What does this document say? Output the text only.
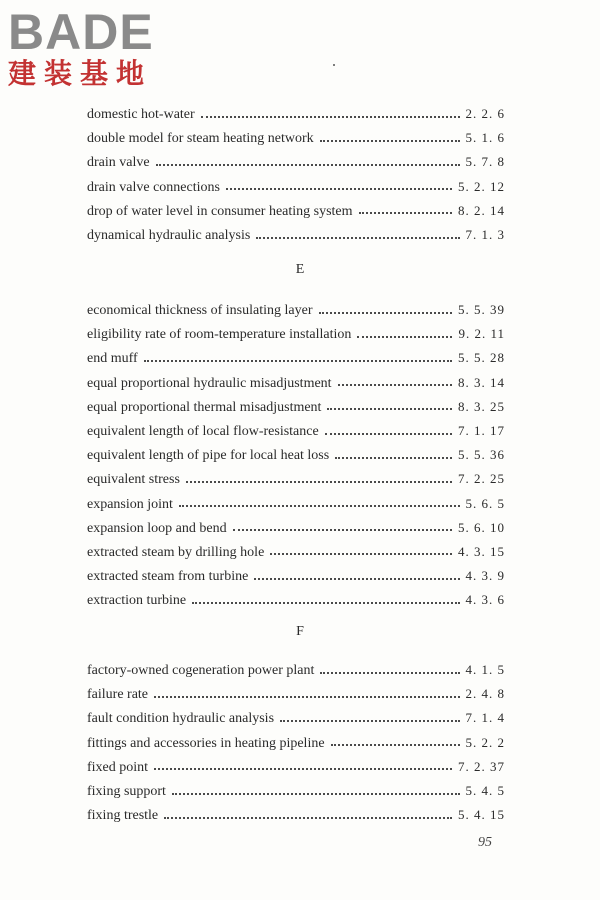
BADE
建装基地
domestic hot-water	2. 2. 6
double model for steam heating network	5. 1. 6
drain valve	5. 7. 8
drain valve connections	5. 2. 12
drop of water level in consumer heating system	8. 2. 14
dynamical hydraulic analysis	7. 1. 3
E
economical thickness of insulating layer	5. 5. 39
eligibility rate of room-temperature installation	9. 2. 11
end muff	5. 5. 28
equal proportional hydraulic misadjustment	8. 3. 14
equal proportional thermal misadjustment	8. 3. 25
equivalent length of local flow-resistance	7. 1. 17
equivalent length of pipe for local heat loss	5. 5. 36
equivalent stress	7. 2. 25
expansion joint	5. 6. 5
expansion loop and bend	5. 6. 10
extracted steam by drilling hole	4. 3. 15
extracted steam from turbine	4. 3. 9
extraction turbine	4. 3. 6
F
factory-owned cogeneration power plant	4. 1. 5
failure rate	2. 4. 8
fault condition hydraulic analysis	7. 1. 4
fittings and accessories in heating pipeline	5. 2. 2
fixed point	7. 2. 37
fixing support	5. 4. 5
fixing trestle	5. 4. 15
95
